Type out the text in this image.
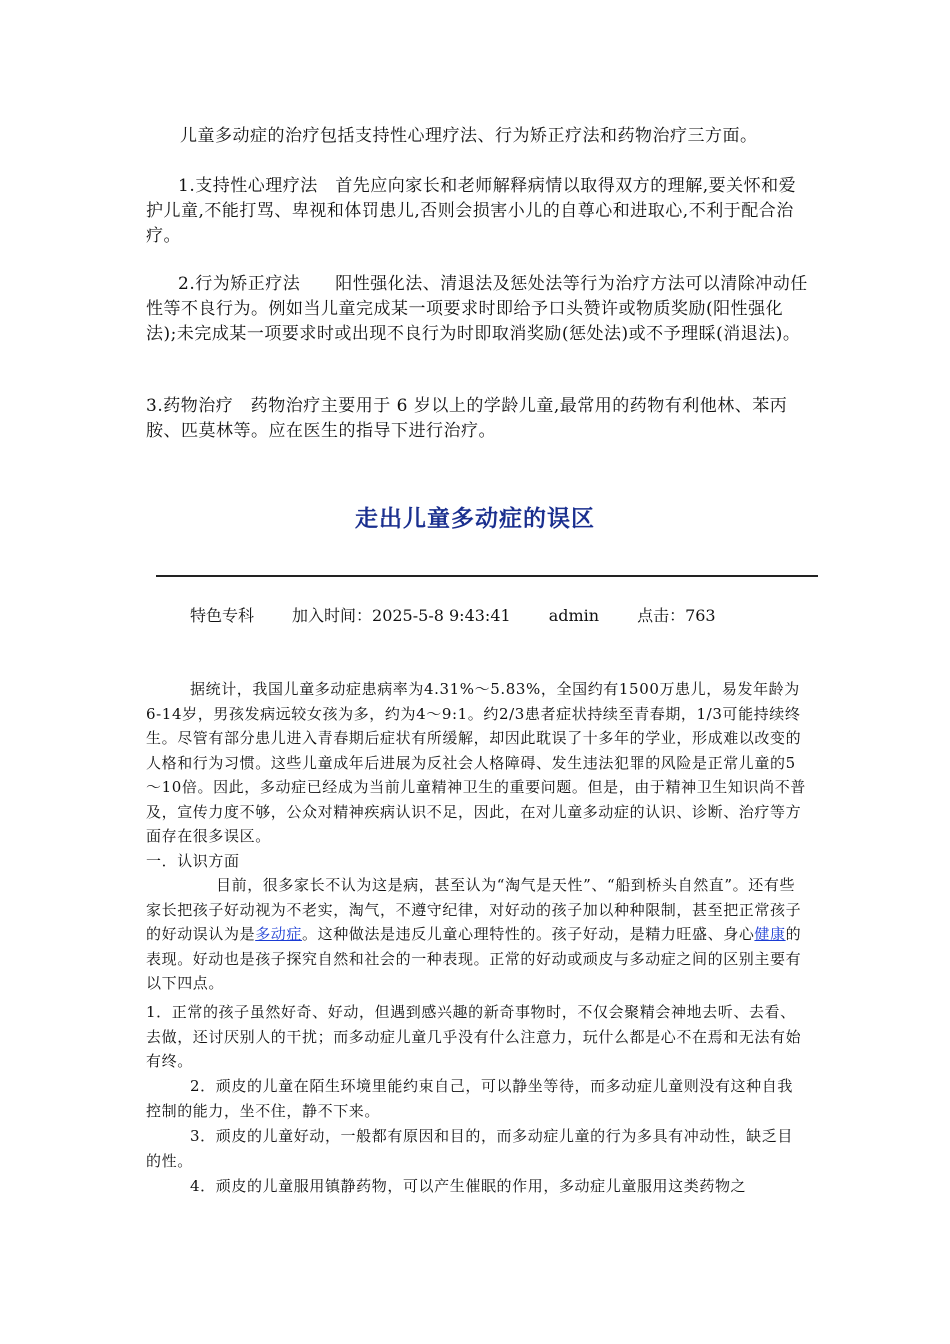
儿童多动症的治疗包括支持性心理疗法、行为矫正疗法和药物治疗三方面。

1.支持性心理疗法　首先应向家长和老师解释病情以取得双方的理解,要关怀和爱护儿童,不能打骂、卑视和体罚患儿,否则会损害小儿的自尊心和进取心,不利于配合治疗。

2.行为矫正疗法　　阳性强化法、清退法及惩处法等行为治疗方法可以清除冲动任性等不良行为。例如当儿童完成某一项要求时即给予口头赞许或物质奖励(阳性强化法);未完成某一项要求时或出现不良行为时即取消奖励(惩处法)或不予理睬(消退法)。

3.药物治疗　药物治疗主要用于 6 岁以上的学龄儿童,最常用的药物有利他林、苯丙胺、匹莫林等。应在医生的指导下进行治疗。

走出儿童多动症的误区
特色专科 加入时间：2025-5-8 9:43:41 admin 点击：763

据统计，我国儿童多动症患病率为4.31%～5.83%，全国约有1500万患儿，易发年龄为6-14岁，男孩发病远较女孩为多，约为4～9:1。约2/3患者症状持续至青春期，1/3可能持续终生。尽管有部分患儿进入青春期后症状有所缓解，却因此耽误了十多年的学业，形成难以改变的人格和行为习惯。这些儿童成年后进展为反社会人格障碍、发生违法犯罪的风险是正常儿童的5～10倍。因此，多动症已经成为当前儿童精神卫生的重要问题。但是，由于精神卫生知识尚不普及，宣传力度不够，公众对精神疾病认识不足，因此，在对儿童多动症的认识、诊断、治疗等方面存在很多误区。

一．认识方面

目前，很多家长不认为这是病，甚至认为“淘气是天性”、“船到桥头自然直”。还有些家长把孩子好动视为不老实，淘气，不遵守纪律，对好动的孩子加以种种限制，甚至把正常孩子的好动误认为是多动症。这种做法是违反儿童心理特性的。孩子好动，是精力旺盛、身心健康的表现。好动也是孩子探究自然和社会的一种表现。正常的好动或顽皮与多动症之间的区别主要有以下四点。

1．正常的孩子虽然好奇、好动，但遇到感兴趣的新奇事物时，不仅会聚精会神地去听、去看、去做，还讨厌别人的干扰；而多动症儿童几乎没有什么注意力，玩什么都是心不在焉和无法有始有终。

2．顽皮的儿童在陌生环境里能约束自己，可以静坐等待，而多动症儿童则没有这种自我控制的能力，坐不住，静不下来。

3．顽皮的儿童好动，一般都有原因和目的，而多动症儿童的行为多具有冲动性，缺乏目的性。

4．顽皮的儿童服用镇静药物，可以产生催眠的作用，多动症儿童服用这类药物之
